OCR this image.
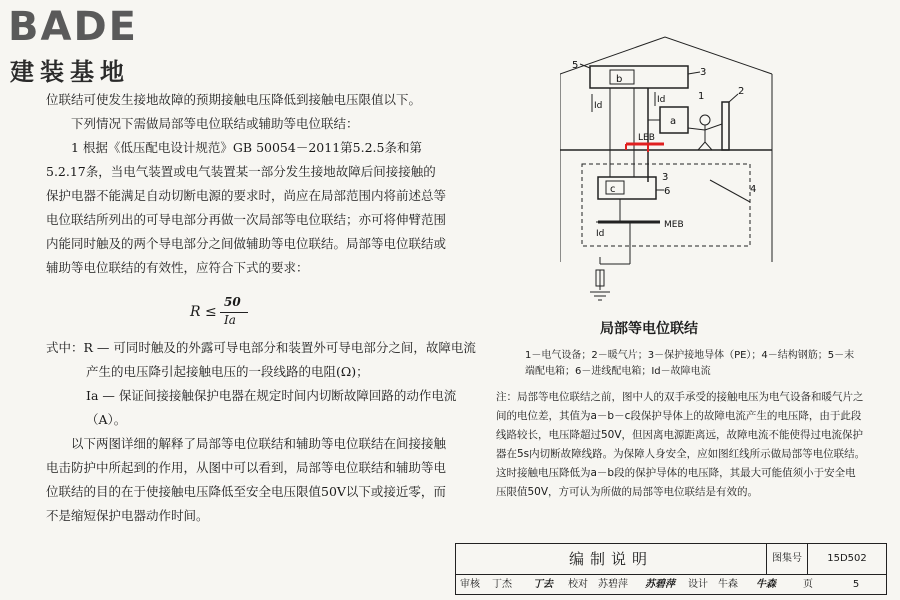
BADE
建装基地

位联结可使发生接地故障的预期接触电压降低到接触电压限值以下。

下列情况下需做局部等电位联结或辅助等电位联结：

1 根据《低压配电设计规范》GB 50054－2011第5.2.5条和第5.2.17条，当电气装置或电气装置某一部分发生接地故障后间接接触的保护电器不能满足自动切断电源的要求时，尚应在局部范围内将前述总等电位联结所列出的可导电部分再做一次局部等电位联结；亦可将伸臂范围内能同时触及的两个导电部分之间做辅助等电位联结。局部等电位联结或辅助等电位联结的有效性，应符合下式的要求：

R ≤
50
Ia

式中：R — 可同时触及的外露可导电部分和装置外可导电部分之间，故障电流产生的电压降引起接触电压的一段线路的电阻(Ω)；

Ia — 保证间接接触保护电器在规定时间内切断故障回路的动作电流（A）。

以下两图详细的解释了局部等电位联结和辅助等电位联结在间接接触电击防护中所起到的作用，从图中可以看到，局部等电位联结和辅助等电位联结的目的在于使接触电压降低至安全电压限值50V以下或接近零，而不是缩短保护电器动作时间。

3
5
b
a
1	2
LEB
3
6
c	4
MEB
Id
Id
Id
局部等电位联结
1－电气设备；2－暖气片；3－保护接地导体（PE）；4－结构钢筋；5－末端配电箱；6－进线配电箱；Id－故障电流
注：局部等电位联结之前，图中人的双手承受的接触电压为电气设备和暖气片之间的电位差，其值为a－b－c段保护导体上的故障电流产生的电压降，由于此段线路较长，电压降超过50V，但因离电源距离远，故障电流不能使得过电流保护器在5s内切断故障线路。为保障人身安全，应如图红线所示做局部等电位联结。这时接触电压降低为a－b段的保护导体的电压降，其最大可能值须小于安全电压限值50V，方可认为所做的局部等电位联结是有效的。
编制说明	图集号	15D502
审核	丁杰	丁去	校对	苏碧萍	苏碧萍	设计	牛森	牛森	页	5
